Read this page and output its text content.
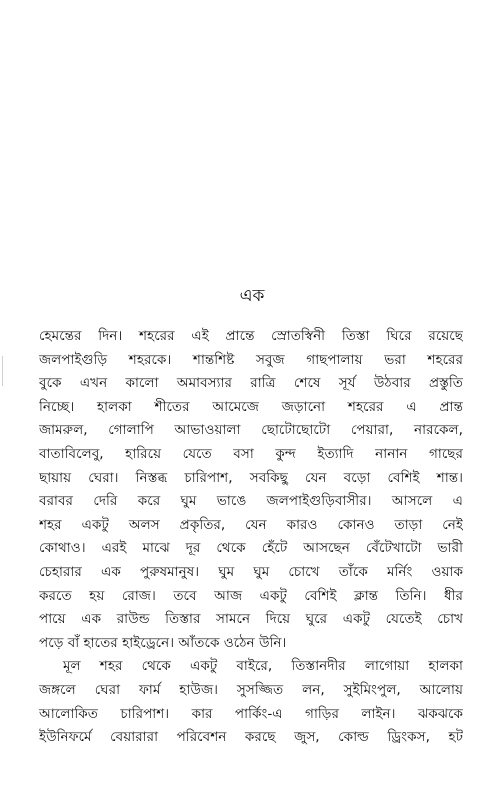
এক
হেমন্তের দিন। শহরের এই প্রান্তে স্রোতস্বিনী তিস্তা ঘিরে রয়েছে
জলপাইগুড়ি শহরকে। শান্তশিষ্ট সবুজ গাছপালায় ভরা শহরের
বুকে এখন কালো অমাবস্যার রাত্রি শেষে সূর্য উঠবার প্রস্তুতি
নিচ্ছে। হালকা শীতের আমেজে জড়ানো শহরের এ প্রান্ত
জামরুল, গোলাপি আভাওয়ালা ছোটোছোটো পেয়ারা, নারকেল,
বাতাবিলেবু, হারিয়ে যেতে বসা কুন্দ ইত্যাদি নানান গাছের
ছায়ায় ঘেরা। নিস্তব্ধ চারিপাশ, সবকিছু যেন বড়ো বেশিই শান্ত।
বরাবর দেরি করে ঘুম ভাঙে জলপাইগুড়িবাসীর। আসলে এ
শহর একটু অলস প্রকৃতির, যেন কারও কোনও তাড়া নেই
কোথাও। এরই মাঝে দূর থেকে হেঁটে আসছেন বেঁটেখাটো ভারী
চেহারার এক পুরুষমানুষ। ঘুম ঘুম চোখে তাঁকে মর্নিং ওয়াক
করতে হয় রোজ। তবে আজ একটু বেশিই ক্লান্ত তিনি। ধীর
পায়ে এক রাউন্ড তিস্তার সামনে দিয়ে ঘুরে একটু যেতেই চোখ
পড়ে বাঁ হাতের হাইড্রেনে। আঁতকে ওঠেন উনি।
মূল শহর থেকে একটু বাইরে, তিস্তানদীর লাগোয়া হালকা
জঙ্গলে ঘেরা ফার্ম হাউজ। সুসজ্জিত লন, সুইমিংপুল, আলোয়
আলোকিত চারিপাশ। কার পার্কিং-এ গাড়ির লাইন। ঝকঝকে
ইউনিফর্মে বেয়ারারা পরিবেশন করছে জুস, কোল্ড ড্রিংকস, হট
